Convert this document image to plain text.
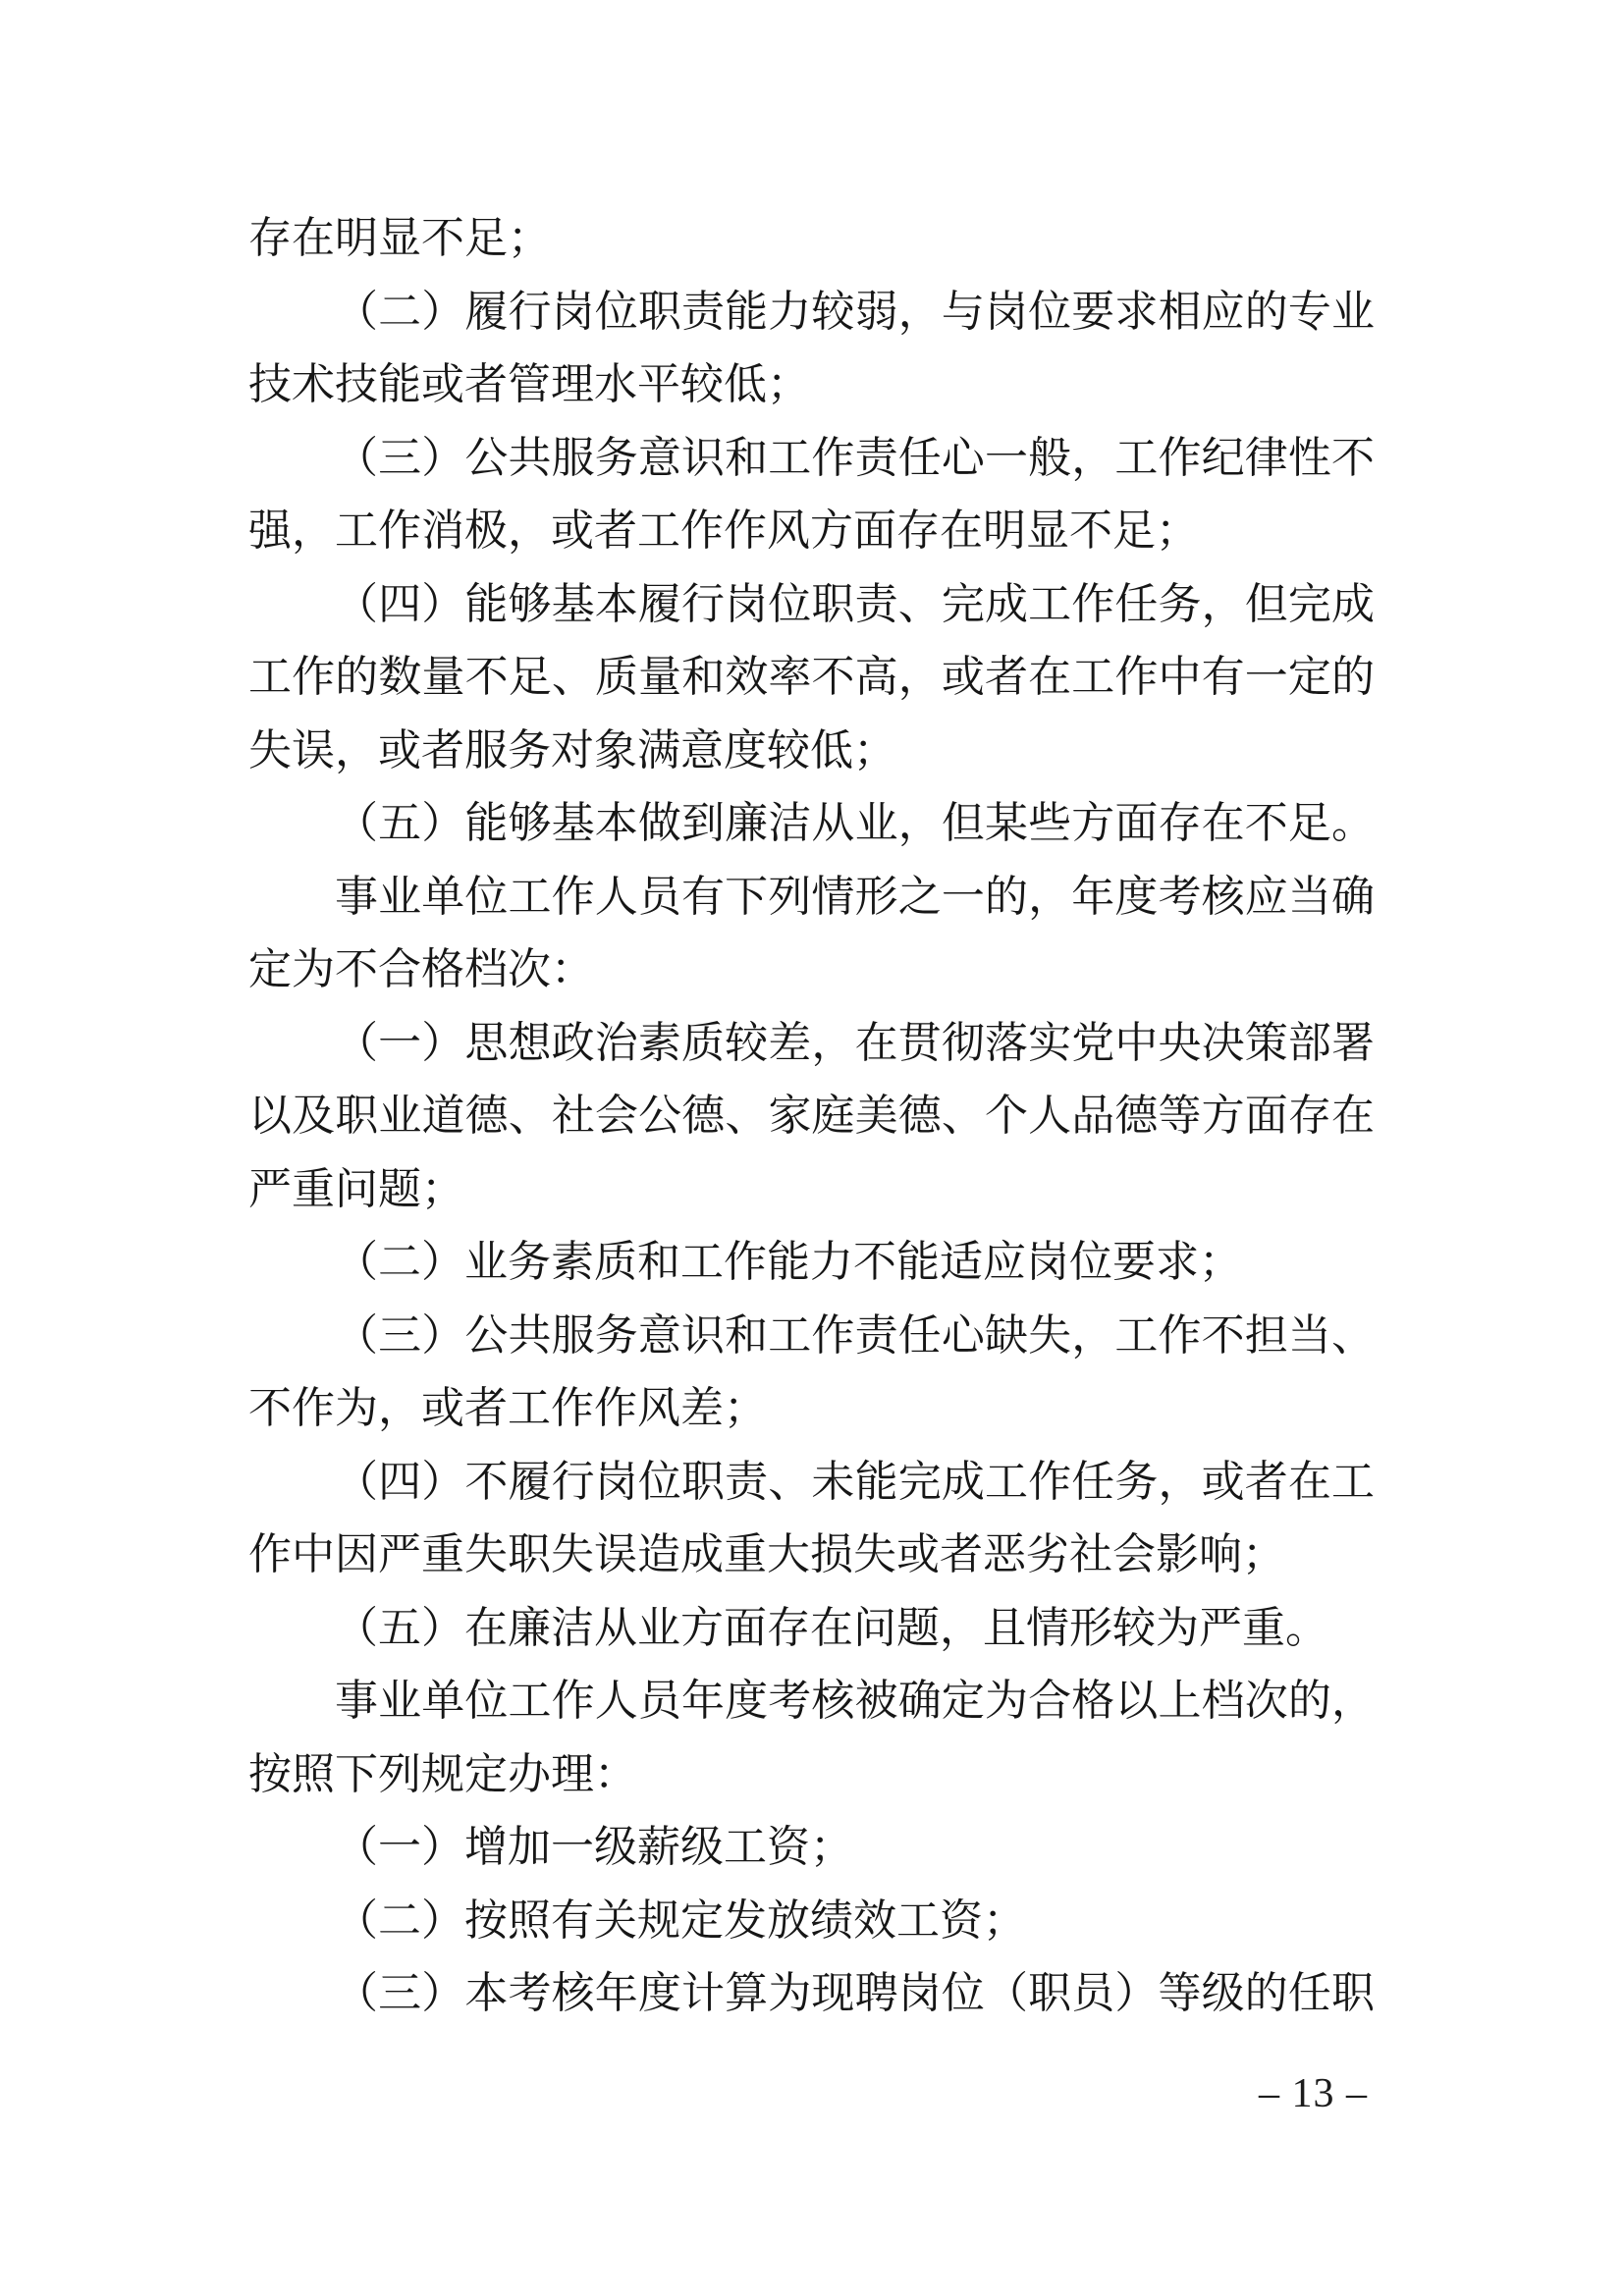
存在明显不足；
（二）履行岗位职责能力较弱，与岗位要求相应的专业
技术技能或者管理水平较低；
（三）公共服务意识和工作责任心一般，工作纪律性不
强，工作消极，或者工作作风方面存在明显不足；
（四）能够基本履行岗位职责、完成工作任务，但完成
工作的数量不足、质量和效率不高，或者在工作中有一定的
失误，或者服务对象满意度较低；
（五）能够基本做到廉洁从业，但某些方面存在不足。
事业单位工作人员有下列情形之一的，年度考核应当确
定为不合格档次：
（一）思想政治素质较差，在贯彻落实党中央决策部署
以及职业道德、社会公德、家庭美德、个人品德等方面存在
严重问题；
（二）业务素质和工作能力不能适应岗位要求；
（三）公共服务意识和工作责任心缺失，工作不担当、
不作为，或者工作作风差；
（四）不履行岗位职责、未能完成工作任务，或者在工
作中因严重失职失误造成重大损失或者恶劣社会影响；
（五）在廉洁从业方面存在问题，且情形较为严重。
事业单位工作人员年度考核被确定为合格以上档次的，
按照下列规定办理：
（一）增加一级薪级工资；
（二）按照有关规定发放绩效工资；
（三）本考核年度计算为现聘岗位（职员）等级的任职
– 13 –
